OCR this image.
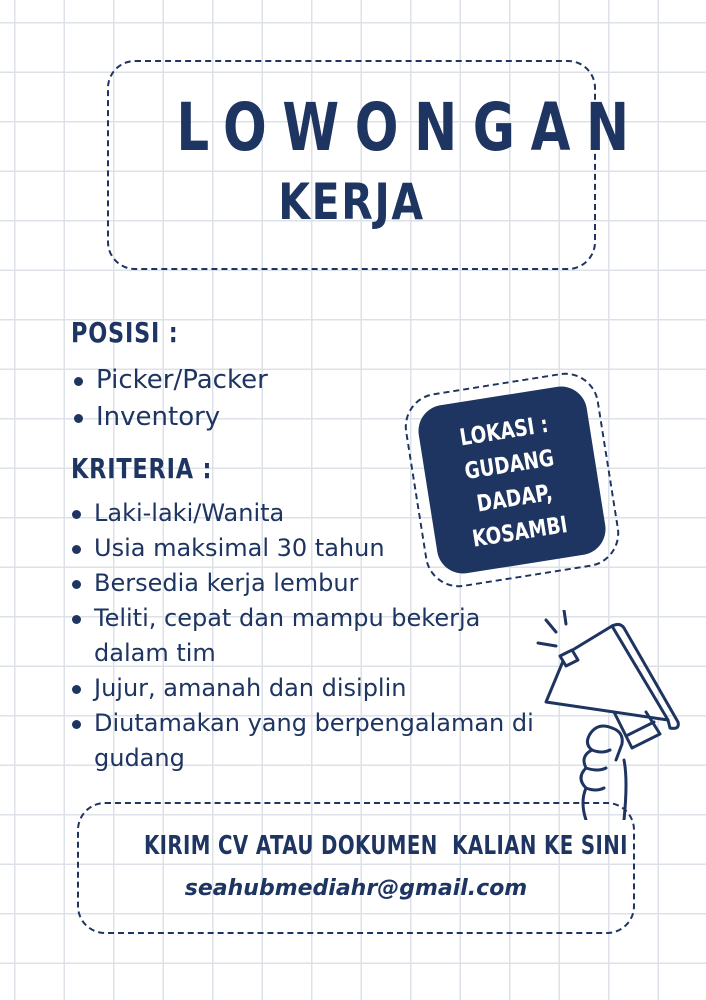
LOWONGAN
KERJA
POSISI :
Picker/Packer
Inventory
KRITERIA :
Laki-laki/Wanita
Usia maksimal 30 tahun
Bersedia kerja lembur
Teliti, cepat dan mampu bekerja dalam tim
Jujur, amanah dan disiplin
Diutamakan yang berpengalaman di gudang
LOKASI :
GUDANG
DADAP,
KOSAMBI
KIRIM CV ATAU DOKUMEN  KALIAN KE SINI
seahubmediahr@gmail.com
